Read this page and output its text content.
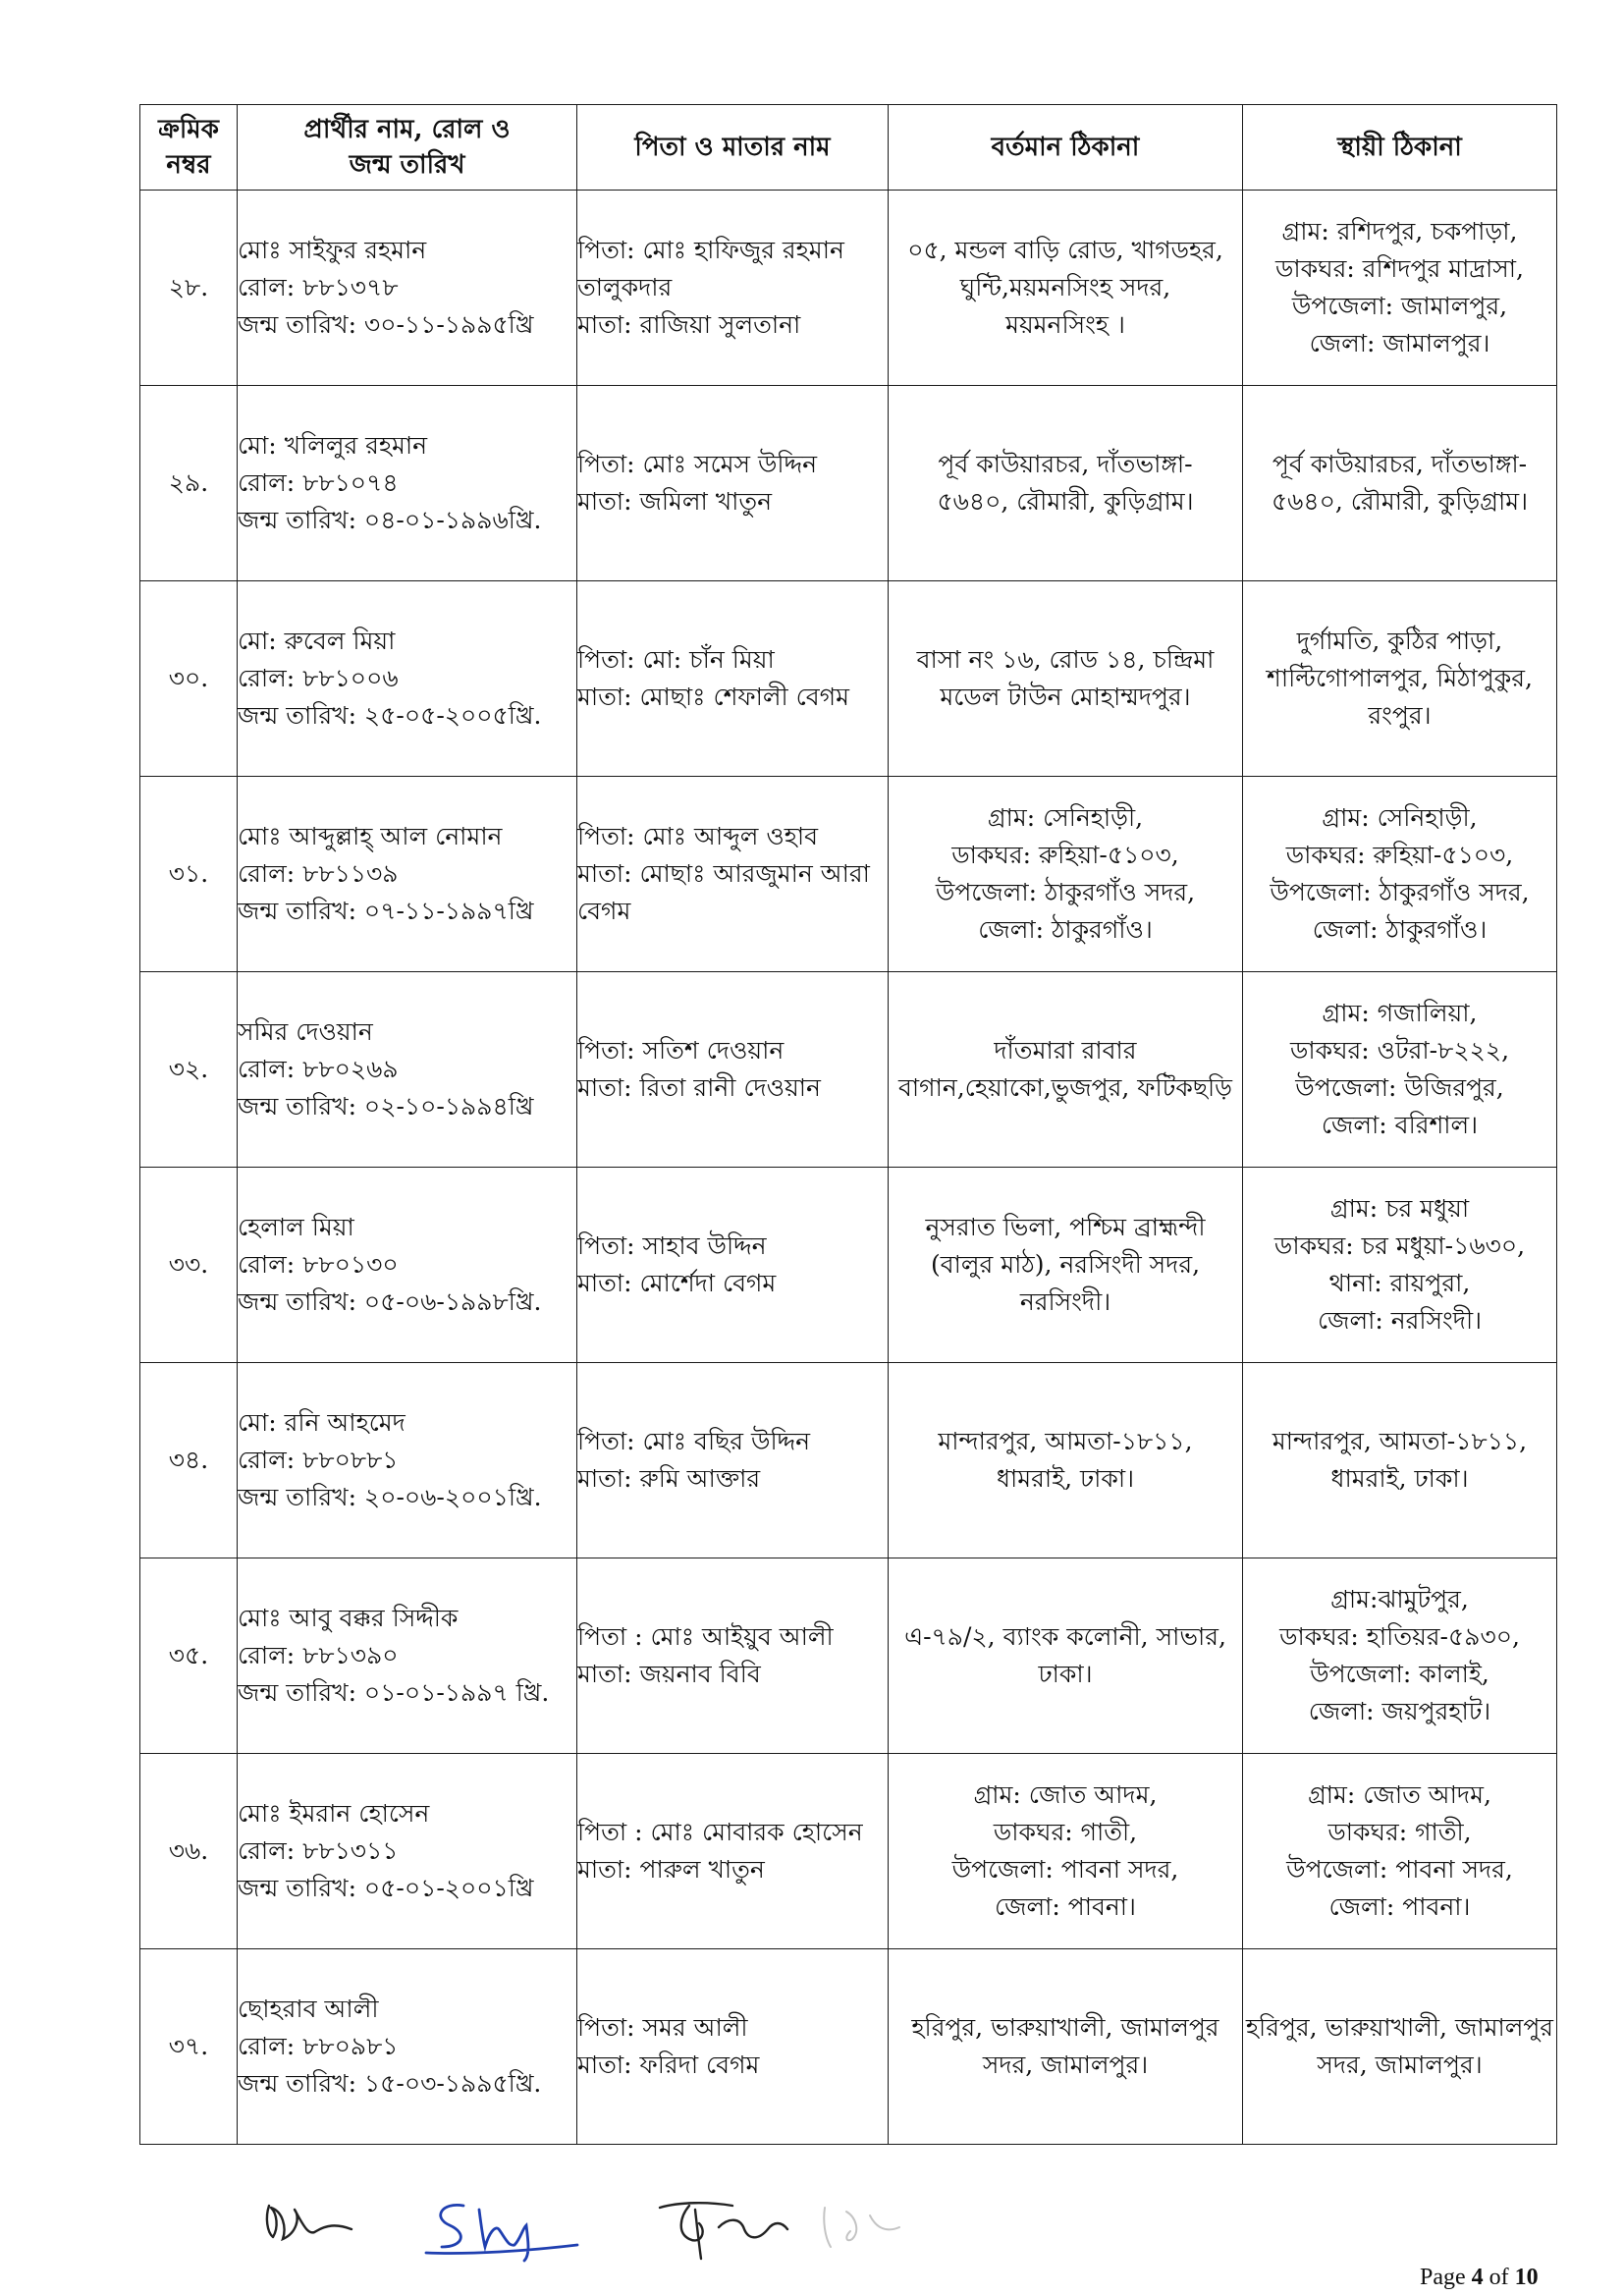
ক্রমিক
নম্বর	প্রার্থীর নাম, রোল ও
জন্ম তারিখ	পিতা ও মাতার নাম	বর্তমান ঠিকানা	স্থায়ী ঠিকানা
২৮.	মোঃ সাইফুর রহমান
রোল: ৮৮১৩৭৮
জন্ম তারিখ: ৩০-১১-১৯৯৫খ্রি	পিতা: মোঃ হাফিজুর রহমান
তালুকদার
মাতা: রাজিয়া সুলতানা	০৫, মন্ডল বাড়ি রোড, খাগডহর,
ঘুন্টি,ময়মনসিংহ সদর,
ময়মনসিংহ ।	গ্রাম: রশিদপুর, চকপাড়া,
ডাকঘর: রশিদপুর মাদ্রাসা,
উপজেলা: জামালপুর,
জেলা: জামালপুর।

২৯.	মো: খলিলুর রহমান
রোল: ৮৮১০৭৪
জন্ম তারিখ: ০৪-০১-১৯৯৬খ্রি.	পিতা: মোঃ সমেস উদ্দিন
মাতা: জমিলা খাতুন	পূর্ব কাউয়ারচর, দাঁতভাঙ্গা-
৫৬৪০, রৌমারী, কুড়িগ্রাম।	পূর্ব কাউয়ারচর, দাঁতভাঙ্গা-
৫৬৪০, রৌমারী, কুড়িগ্রাম।

৩০.	মো: রুবেল মিয়া
রোল: ৮৮১০০৬
জন্ম তারিখ: ২৫-০৫-২০০৫খ্রি.	পিতা: মো: চাঁন মিয়া
মাতা: মোছাঃ শেফালী বেগম	বাসা নং ১৬, রোড ১৪, চন্দ্রিমা
মডেল টাউন মোহাম্মদপুর।	দুর্গামতি, কুঠির পাড়া,
শাল্টিগোপালপুর, মিঠাপুকুর,
রংপুর।

৩১.	মোঃ আব্দুল্লাহ্ আল নোমান
রোল: ৮৮১১৩৯
জন্ম তারিখ: ০৭-১১-১৯৯৭খ্রি	পিতা: মোঃ আব্দুল ওহাব
মাতা: মোছাঃ আরজুমান আরা
বেগম	গ্রাম: সেনিহাড়ী,
ডাকঘর: রুহিয়া-৫১০৩,
উপজেলা: ঠাকুরগাঁও সদর,
জেলা: ঠাকুরগাঁও।	গ্রাম: সেনিহাড়ী,
ডাকঘর: রুহিয়া-৫১০৩,
উপজেলা: ঠাকুরগাঁও সদর,
জেলা: ঠাকুরগাঁও।

৩২.	সমির দেওয়ান
রোল: ৮৮০২৬৯
জন্ম তারিখ: ০২-১০-১৯৯৪খ্রি	পিতা: সতিশ দেওয়ান
মাতা: রিতা রানী দেওয়ান	দাঁতমারা রাবার
বাগান,হেয়াকো,ভুজপুর, ফটিকছড়ি	গ্রাম: গজালিয়া,
ডাকঘর: ওটরা-৮২২২,
উপজেলা: উজিরপুর,
জেলা: বরিশাল।

৩৩.	হেলাল মিয়া
রোল: ৮৮০১৩০
জন্ম তারিখ: ০৫-০৬-১৯৯৮খ্রি.	পিতা: সাহাব উদ্দিন
মাতা: মোর্শেদা বেগম	নুসরাত ভিলা, পশ্চিম ব্রাহ্মন্দী
(বালুর মাঠ), নরসিংদী সদর,
নরসিংদী।	গ্রাম: চর মধুয়া
ডাকঘর: চর মধুয়া-১৬৩০,
থানা: রায়পুরা,
জেলা: নরসিংদী।

৩৪.	মো: রনি আহমেদ
রোল: ৮৮০৮৮১
জন্ম তারিখ: ২০-০৬-২০০১খ্রি.	পিতা: মোঃ বছির উদ্দিন
মাতা: রুমি আক্তার	মান্দারপুর, আমতা-১৮১১,
ধামরাই, ঢাকা।	মান্দারপুর, আমতা-১৮১১,
ধামরাই, ঢাকা।

৩৫.	মোঃ আবু বক্কর সিদ্দীক
রোল: ৮৮১৩৯০
জন্ম তারিখ: ০১-০১-১৯৯৭ খ্রি.	পিতা : মোঃ আইয়ুব আলী
মাতা: জয়নাব বিবি	এ-৭৯/২, ব্যাংক কলোনী, সাভার,
ঢাকা।	গ্রাম:ঝামুটপুর,
ডাকঘর: হাতিয়র-৫৯৩০,
উপজেলা: কালাই,
জেলা: জয়পুরহাট।

৩৬.	মোঃ ইমরান হোসেন
রোল: ৮৮১৩১১
জন্ম তারিখ: ০৫-০১-২০০১খ্রি	পিতা : মোঃ মোবারক হোসেন
মাতা: পারুল খাতুন	গ্রাম: জোত আদম,
ডাকঘর: গাতী,
উপজেলা: পাবনা সদর,
জেলা: পাবনা।	গ্রাম: জোত আদম,
ডাকঘর: গাতী,
উপজেলা: পাবনা সদর,
জেলা: পাবনা।

৩৭.	ছোহরাব আলী
রোল: ৮৮০৯৮১
জন্ম তারিখ: ১৫-০৩-১৯৯৫খ্রি.	পিতা: সমর আলী
মাতা: ফরিদা বেগম	হরিপুর, ভারুয়াখালী, জামালপুর
সদর, জামালপুর।	হরিপুর, ভারুয়াখালী, জামালপুর
সদর, জামালপুর।
Page 4 of 10
